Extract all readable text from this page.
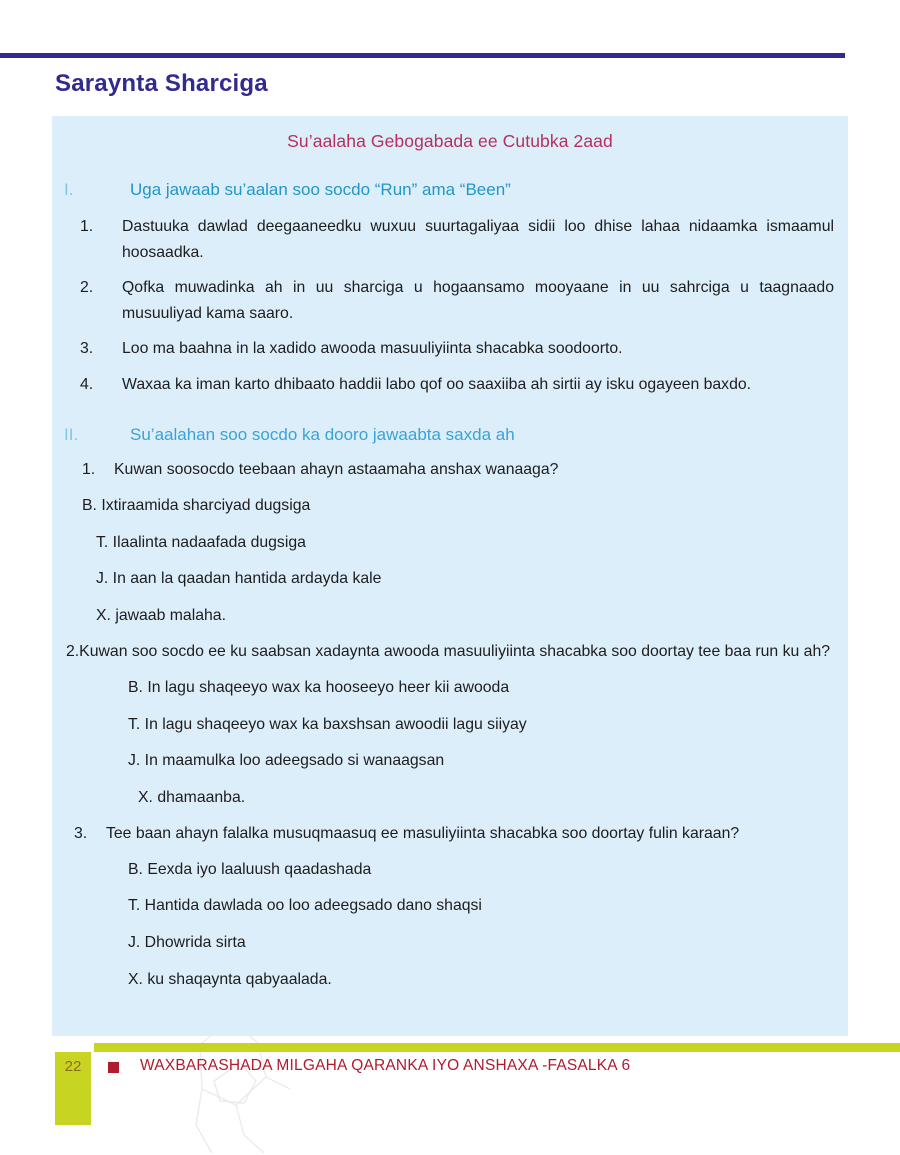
Saraynta Sharciga
Su’aalaha Gebogabada ee Cutubka 2aad
I.	Uga jawaab su’aalan soo socdo “Run” ama “Been”
1.	Dastuuka dawlad deegaaneedku wuxuu suurtagaliyaa sidii loo dhise lahaa nidaamka ismaamul hoosaadka.
2.	Qofka muwadinka ah in uu sharciga u hogaansamo mooyaane in uu sahrciga u taagnaado musuuliyad kama saaro.
3.	Loo ma baahna in la xadido awooda masuuliyiinta shacabka soodoorto.
4.	Waxaa ka iman karto dhibaato haddii labo qof oo saaxiiba ah sirtii ay isku ogayeen baxdo.
II.	Su’aalahan soo socdo ka dooro jawaabta saxda ah
1.	Kuwan soosocdo teebaan ahayn astaamaha anshax wanaaga?
B. Ixtiraamida sharciyad dugsiga
T. Ilaalinta nadaafada dugsiga
J. In aan la qaadan hantida ardayda kale
X. jawaab malaha.
2.Kuwan soo socdo ee ku saabsan xadaynta awooda masuuliyiinta shacabka soo doortay tee baa run ku ah?
B. In lagu shaqeeyo wax ka hooseeyo heer kii awooda
T. In lagu shaqeeyo wax ka baxshsan awoodii lagu siiyay
J. In maamulka loo adeegsado si wanaagsan
X. dhamaanba.
3.	Tee baan ahayn falalka musuqmaasuq ee masuliyiinta shacabka soo doortay fulin karaan?
B. Eexda iyo laaluush qaadashada
T. Hantida dawlada oo loo adeegsado dano shaqsi
J. Dhowrida sirta
X. ku shaqaynta qabyaalada.
22	WAXBARASHADA MILGAHA QARANKA IYO ANSHAXA -FASALKA 6
